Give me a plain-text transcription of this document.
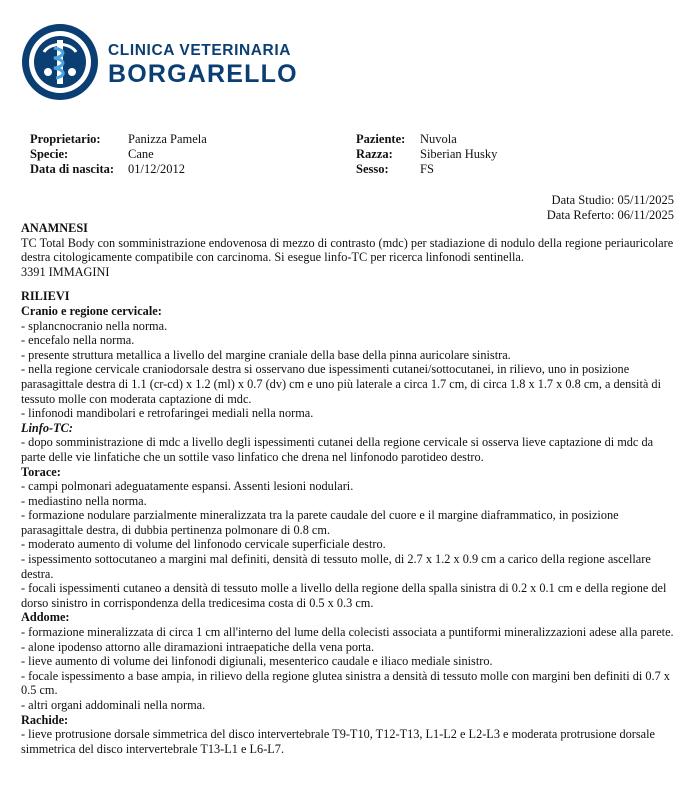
CLINICA VETERINARIA
BORGARELLO
Proprietario:	Panizza Pamela
Specie:	Cane
Data di nascita:	01/12/2012
Paziente:	Nuvola
Razza:	Siberian Husky
Sesso:	FS
Data Studio: 05/11/2025
Data Referto: 06/11/2025

ANAMNESI

TC Total Body con somministrazione endovenosa di mezzo di contrasto (mdc) per stadiazione di nodulo della regione periauricolare destra citologicamente compatibile con carcinoma. Si esegue linfo-TC per ricerca linfonodi sentinella.

3391 IMMAGINI

RILIEVI

Cranio e regione cervicale:

- splancnocranio nella norma.

- encefalo nella norma.

- presente struttura metallica a livello del margine craniale della base della pinna auricolare sinistra.

- nella regione cervicale craniodorsale destra si osservano due ispessimenti cutanei/sottocutanei, in rilievo, uno in posizione parasagittale destra di 1.1 (cr-cd) x 1.2 (ml) x 0.7 (dv) cm e uno più laterale a circa 1.7 cm, di circa 1.8 x 1.7 x 0.8 cm, a densità di tessuto molle con moderata captazione di mdc.

- linfonodi mandibolari e retrofaringei mediali nella norma.

Linfo-TC:

- dopo somministrazione di mdc a livello degli ispessimenti cutanei della regione cervicale si osserva lieve captazione di mdc da parte delle vie linfatiche che un sottile vaso linfatico che drena nel linfonodo parotideo destro.

Torace:

- campi polmonari adeguatamente espansi. Assenti lesioni nodulari.

- mediastino nella norma.

- formazione nodulare parzialmente mineralizzata tra la parete caudale del cuore e il margine diaframmatico, in posizione parasagittale destra, di dubbia pertinenza polmonare di 0.8 cm.

- moderato aumento di volume del linfonodo cervicale superficiale destro.

- ispessimento sottocutaneo a margini mal definiti, densità di tessuto molle, di 2.7 x 1.2 x 0.9 cm a carico della regione ascellare destra.

- focali ispessimenti cutaneo a densità di tessuto molle a livello della regione della spalla sinistra di 0.2 x 0.1 cm e della regione del dorso sinistro in corrispondenza della tredicesima costa di 0.5 x 0.3 cm.

Addome:

- formazione mineralizzata di circa 1 cm all'interno del lume della colecisti associata a puntiformi mineralizzazioni adese alla parete.

- alone ipodenso attorno alle diramazioni intraepatiche della vena porta.

- lieve aumento di volume dei linfonodi digiunali, mesenterico caudale e iliaco mediale sinistro.

- focale ispessimento a base ampia, in rilievo della regione glutea sinistra a densità di tessuto molle con margini ben definiti di 0.7 x 0.5 cm.

- altri organi addominali nella norma.

Rachide:

- lieve protrusione dorsale simmetrica del disco intervertebrale T9-T10, T12-T13, L1-L2 e L2-L3 e moderata protrusione dorsale simmetrica del disco intervertebrale T13-L1 e L6-L7.
